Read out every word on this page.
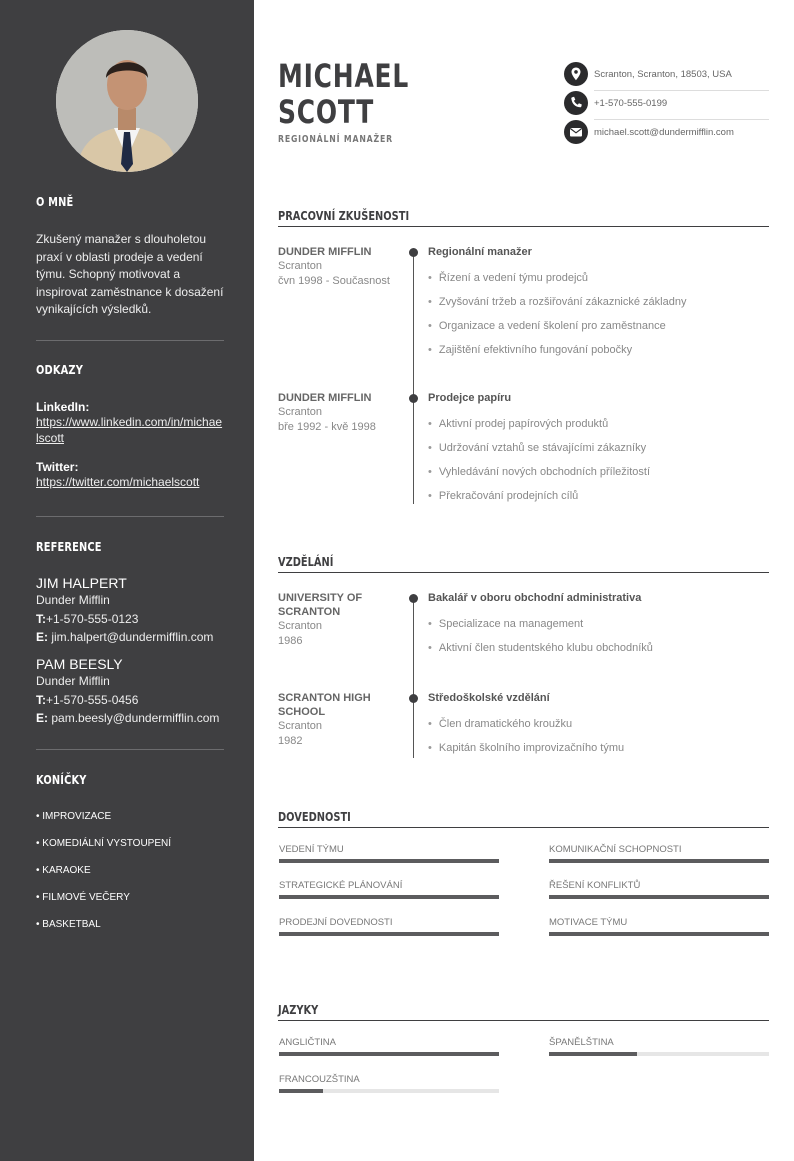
O MNĚ
Zkušený manažer s dlouholetou praxí v oblasti prodeje a vedení týmu. Schopný motivovat a inspirovat zaměstnance k dosažení vynikajících výsledků.
ODKAZY
LinkedIn:
https://www.linkedin.com/in/michaelscott
Twitter:
https://twitter.com/michaelscott
REFERENCE
JIM HALPERT
Dunder Mifflin
T:+1-570-555-0123
E: jim.halpert@dundermifflin.com
PAM BEESLY
Dunder Mifflin
T:+1-570-555-0456
E: pam.beesly@dundermifflin.com
KONÍČKY
• IMPROVIZACE
• KOMEDIÁLNÍ VYSTOUPENÍ
• KARAOKE
• FILMOVÉ VEČERY
• BASKETBAL
MICHAEL
SCOTT
REGIONÁLNÍ MANAŽER
Scranton, Scranton, 18503, USA
+1-570-555-0199
michael.scott@dundermifflin.com
PRACOVNÍ ZKUŠENOSTI
DUNDER MIFFLIN
Scranton
čvn 1998 - Současnost
Regionální manažer
• Řízení a vedení týmu prodejců
• Zvyšování tržeb a rozšiřování zákaznické základny
• Organizace a vedení školení pro zaměstnance
• Zajištění efektivního fungování pobočky
DUNDER MIFFLIN
Scranton
bře 1992 - kvě 1998
Prodejce papíru
• Aktivní prodej papírových produktů
• Udržování vztahů se stávajícími zákazníky
• Vyhledávání nových obchodních příležitostí
• Překračování prodejních cílů
VZDĚLÁNÍ
UNIVERSITY OF SCRANTON
Scranton
1986
Bakalář v oboru obchodní administrativa
• Specializace na management
• Aktivní člen studentského klubu obchodníků
SCRANTON HIGH SCHOOL
Scranton
1982
Středoškolské vzdělání
• Člen dramatického kroužku
• Kapitán školního improvizačního týmu
DOVEDNOSTI
VEDENÍ TÝMU	KOMUNIKAČNÍ SCHOPNOSTI
STRATEGICKÉ PLÁNOVÁNÍ	ŘEŠENÍ KONFLIKTŮ
PRODEJNÍ DOVEDNOSTI	MOTIVACE TÝMU
JAZYKY
ANGLIČTINA	ŠPANĚLŠTINA
FRANCOUZŠTINA
